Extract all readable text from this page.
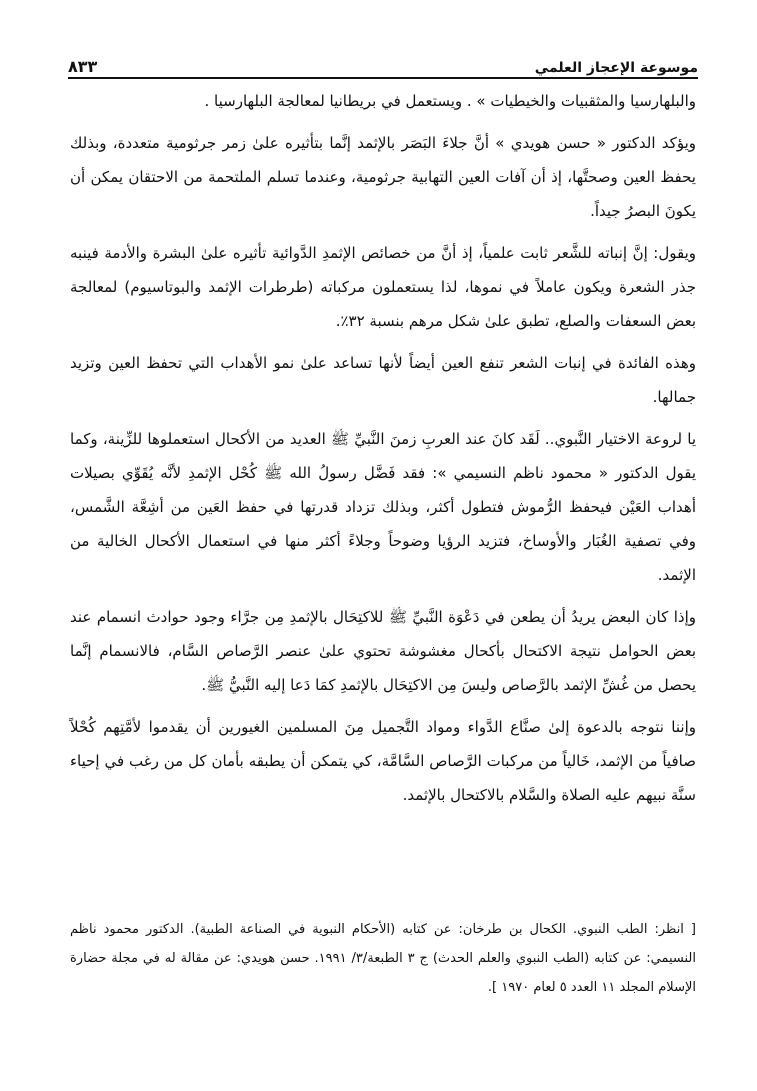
موسوعة الإعجاز العلمي
٨٣٣

والبلهارسيا والمثقبيات والخيطيات » . ويستعمل في بريطانيا لمعالجة البلهارسيا .

ويؤكد الدكتور « حسن هويدي » أنَّ جلاءَ البَصَر بالإثمد إنَّما بتأثيره علىٰ زمر جرثومية متعددة، وبذلك يحفظ العين وصحتَّها، إذ أن آفات العين التهابية جرثومية، وعندما تسلم الملتحمة من الاحتقان يمكن أن يكونَ البصرُ جيداً.

ويقول: إنَّ إنباته للشَّعر ثابت علمياً، إذ أنَّ من خصائص الإثمدِ الدَّوائية تأثيره علىٰ البشرة والأدمة فينبه جذر الشعرة ويكون عاملاً في نموها، لذا يستعملون مركباته (طرطرات الإثمد والبوتاسيوم) لمعالجة بعض السعفات والصلع، تطبق علىٰ شكل مرهم بنسبة ٣٢٪.

وهذه الفائدة في إنبات الشعر تنفع العين أيضاً لأنها تساعد علىٰ نمو الأهداب التي تحفظ العين وتزيد جمالها.

يا لروعة الاختيار النَّبوي.. لَقَد كانَ عند العربِ زمنَ النَّبيِّ ﷺ العديد من الأكحال استعملوها للزِّينة، وكما يقول الدكتور « محمود ناظم النسيمي »: فقد فَضَّل رسولُ الله ﷺ كُحْل الإثمدِ لأنَّه يُقَوِّي بصيلات أهداب العَيْن فيحفظ الرُّموش فتطول أكثر، وبذلك تزداد قدرتها في حفظ العَين من أشِعَّة الشَّمس، وفي تصفية الغُبَار والأوساخ، فتزيد الرؤيا وضوحاً وجلاءً أكثر منها في استعمال الأكحال الخالية من الإثمد.

وإذا كان البعض يريدُ أن يطعن في دَعْوَة النَّبيِّ ﷺ للاكتِحَال بالإثمدِ مِن جرَّاء وجود حوادث انسمام عند بعض الحوامل نتيجة الاكتحال بأكحال مغشوشة تحتوي علىٰ عنصر الرَّصاص السَّام، فالانسمام إنَّما يحصل من غُشِّ الإثمد بالرَّصاص وليسَ مِن الاكتِحَال بالإثمدِ كمَا دَعا إليه النَّبيُّ ﷺ.

وإننا نتوجه بالدعوة إلىٰ صنَّاع الدَّواء ومواد التَّجميل مِنَ المسلمين الغيورين أن يقدموا لأمَّتِهم كُحْلاً صافياً من الإثمد، خَالياً من مركبات الرَّصاص السَّامَّة، كي يتمكن أن يطبقه بأمان كل من رغب في إحياء سنَّة نبيهم عليه الصلاة والسَّلام بالاكتحال بالإثمد.

[ انظر: الطب النبوي. الكحال بن طرخان: عن كتابه (الأحكام النبوية في الصناعة الطبية). الدكتور محمود ناظم النسيمي: عن كتابه (الطب النبوي والعلم الحدث) ج ٣ الطبعة/٣/ ١٩٩١. حسن هويدي: عن مقالة له في مجلة حضارة الإسلام المجلد ١١ العدد ٥ لعام ١٩٧٠ ].
